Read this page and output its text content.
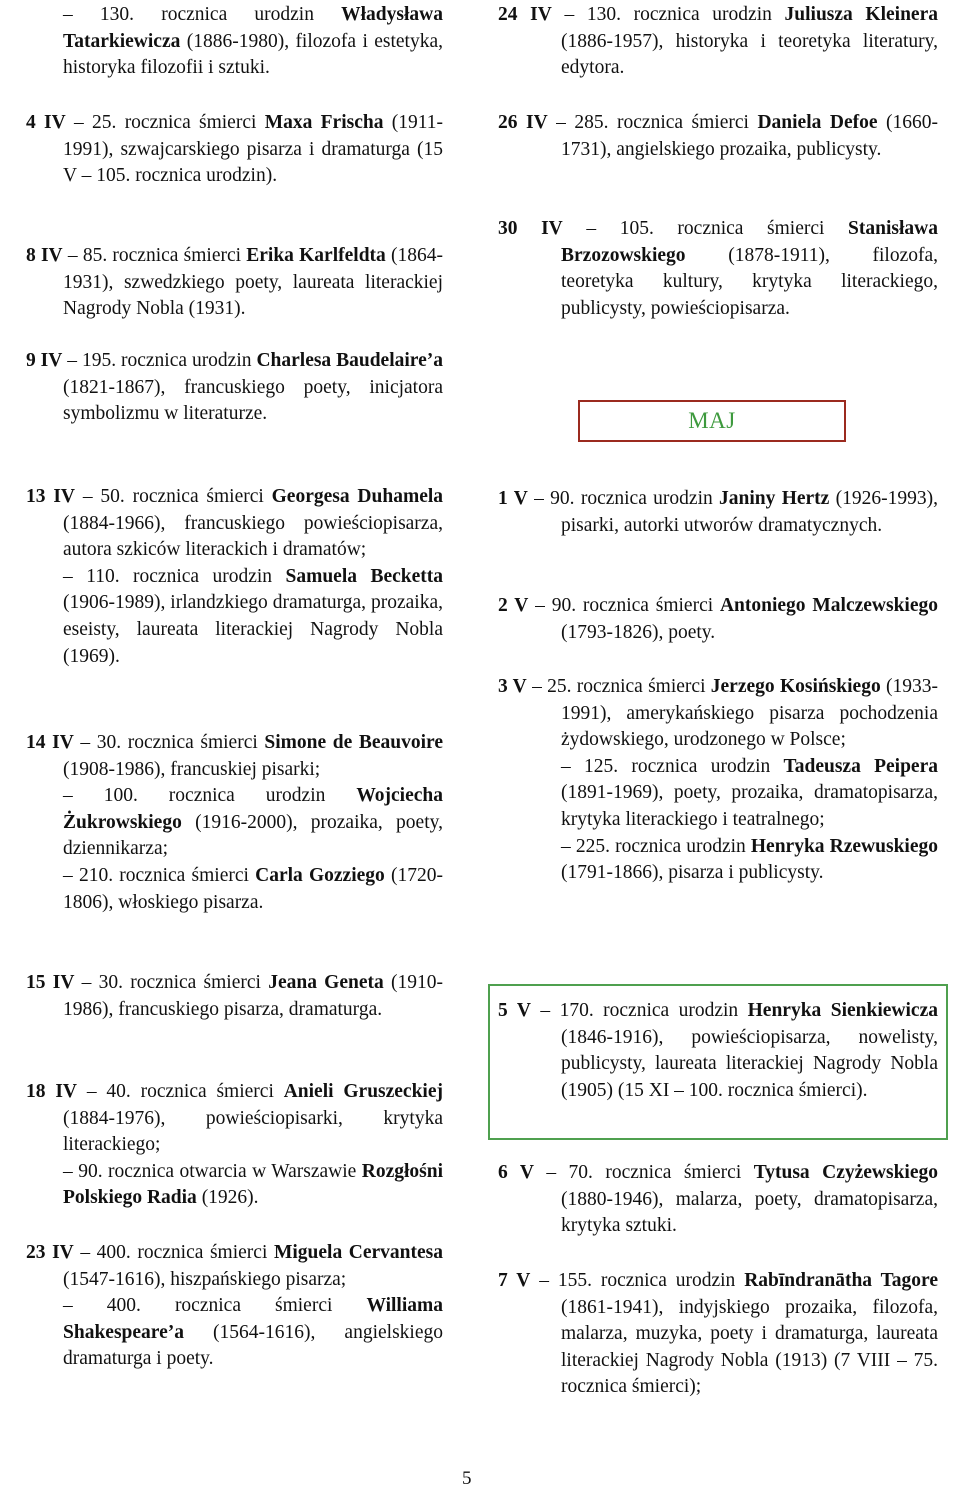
– 130. rocznica urodzin Władysława Tatarkiewicza (1886-1980), filozofa i estetyka, historyka filozofii i sztuki.

4 IV – 25. rocznica śmierci Maxa Frischa (1911-1991), szwajcarskiego pisarza i dramaturga (15 V – 105. rocznica urodzin).

8 IV – 85. rocznica śmierci Erika Karlfeldta (1864-1931), szwedzkiego poety, laureata literackiej Nagrody Nobla (1931).

9 IV – 195. rocznica urodzin Charlesa Baudelaire’a (1821-1867), francuskiego poety, inicjatora symbolizmu w literaturze.

13 IV – 50. rocznica śmierci Georgesa Duhamela (1884-1966), francuskiego powieściopisarza, autora szkiców literackich i dramatów;

– 110. rocznica urodzin Samuela Becketta (1906-1989), irlandzkiego dramaturga, prozaika, eseisty, laureata literackiej Nagrody Nobla (1969).

14 IV – 30. rocznica śmierci Simone de Beauvoire (1908-1986), francuskiej pisarki;

– 100. rocznica urodzin Wojciecha Żukrowskiego (1916-2000), prozaika, poety, dziennikarza;

– 210. rocznica śmierci Carla Gozziego (1720-1806), włoskiego pisarza.

15 IV – 30. rocznica śmierci Jeana Geneta (1910-1986), francuskiego pisarza, dramaturga.

18 IV – 40. rocznica śmierci Anieli Gruszeckiej (1884-1976), powieściopisarki, krytyka literackiego;

– 90. rocznica otwarcia w Warszawie Rozgłośni Polskiego Radia (1926).

23 IV – 400. rocznica śmierci Miguela Cervantesa (1547-1616), hiszpańskiego pisarza;

– 400. rocznica śmierci Williama Shakespeare’a (1564-1616), angielskiego dramaturga i poety.

MAJ

24 IV – 130. rocznica urodzin Juliusza Kleinera (1886-1957), historyka i teoretyka literatury, edytora.

26 IV – 285. rocznica śmierci Daniela Defoe (1660-1731), angielskiego prozaika, publicysty.

30 IV – 105. rocznica śmierci Stanisława Brzozowskiego (1878-1911), filozofa, teoretyka kultury, krytyka literackiego, publicysty, powieściopisarza.

1 V – 90. rocznica urodzin Janiny Hertz (1926-1993), pisarki, autorki utworów dramatycznych.

2 V – 90. rocznica śmierci Antoniego Malczewskiego (1793-1826), poety.

3 V – 25. rocznica śmierci Jerzego Kosińskiego (1933-1991), amerykańskiego pisarza pochodzenia żydowskiego, urodzonego w Polsce;

– 125. rocznica urodzin Tadeusza Peipera (1891-1969), poety, prozaika, dramatopisarza, krytyka literackiego i teatralnego;

– 225. rocznica urodzin Henryka Rzewuskiego (1791-1866), pisarza i publicysty.

5 V – 170. rocznica urodzin Henryka Sienkiewicza (1846-1916), powieściopisarza, nowelisty, publicysty, laureata literackiej Nagrody Nobla (1905) (15 XI – 100. rocznica śmierci).

6 V – 70. rocznica śmierci Tytusa Czyżewskiego (1880-1946), malarza, poety, dramatopisarza, krytyka sztuki.

7 V – 155. rocznica urodzin Rabīndranātha Tagore (1861-1941), indyjskiego prozaika, filozofa, malarza, muzyka, poety i dramaturga, laureata literackiej Nagrody Nobla (1913) (7 VIII – 75. rocznica śmierci);

5
